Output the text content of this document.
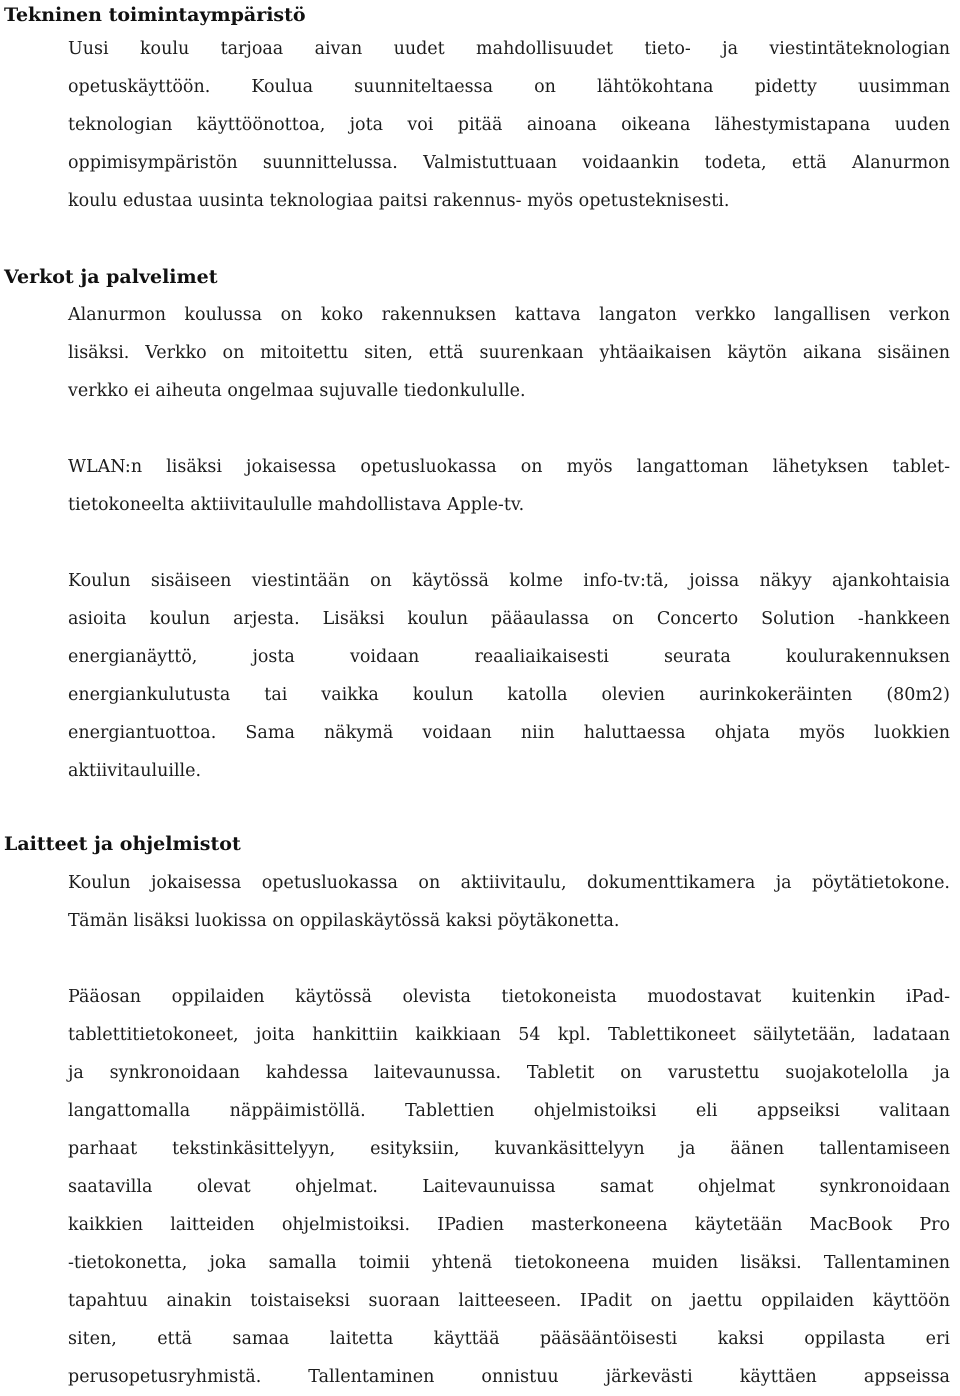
Tekninen toimintaympäristö

Uusi koulu tarjoaa aivan uudet mahdollisuudet tieto- ja viestintäteknologian
opetuskäyttöön. Koulua suunniteltaessa on lähtökohtana pidetty uusimman
teknologian käyttöönottoa, jota voi pitää ainoana oikeana lähestymistapana uuden
oppimisympäristön suunnittelussa. Valmistuttuaan voidaankin todeta, että Alanurmon
koulu edustaa uusinta teknologiaa paitsi rakennus- myös opetusteknisesti.

Verkot ja palvelimet

Alanurmon koulussa on koko rakennuksen kattava langaton verkko langallisen verkon
lisäksi. Verkko on mitoitettu siten, että suurenkaan yhtäaikaisen käytön aikana sisäinen
verkko ei aiheuta ongelmaa sujuvalle tiedonkululle.

WLAN:n lisäksi jokaisessa opetusluokassa on myös langattoman lähetyksen tablet-
tietokoneelta aktiivitaululle mahdollistava Apple-tv.

Koulun sisäiseen viestintään on käytössä kolme info-tv:tä, joissa näkyy ajankohtaisia
asioita koulun arjesta. Lisäksi koulun pääaulassa on Concerto Solution -hankkeen
energianäyttö, josta voidaan reaaliaikaisesti seurata koulurakennuksen
energiankulutusta tai vaikka koulun katolla olevien aurinkokeräinten (80m2)
energiantuottoa. Sama näkymä voidaan niin haluttaessa ohjata myös luokkien
aktiivitauluille.

Laitteet ja ohjelmistot

Koulun jokaisessa opetusluokassa on aktiivitaulu, dokumenttikamera ja pöytätietokone.
Tämän lisäksi luokissa on oppilaskäytössä kaksi pöytäkonetta.

Pääosan oppilaiden käytössä olevista tietokoneista muodostavat kuitenkin iPad-
tablettitietokoneet, joita hankittiin kaikkiaan 54 kpl. Tablettikoneet säilytetään, ladataan
ja synkronoidaan kahdessa laitevaunussa. Tabletit on varustettu suojakotelolla ja
langattomalla näppäimistöllä. Tablettien ohjelmistoiksi eli appseiksi valitaan
parhaat tekstinkäsittelyyn, esityksiin, kuvankäsittelyyn ja äänen tallentamiseen
saatavilla olevat ohjelmat. Laitevaunuissa samat ohjelmat synkronoidaan
kaikkien laitteiden ohjelmistoiksi. IPadien masterkoneena käytetään MacBook Pro
-tietokonetta, joka samalla toimii yhtenä tietokoneena muiden lisäksi. Tallentaminen
tapahtuu ainakin toistaiseksi suoraan laitteeseen. IPadit on jaettu oppilaiden käyttöön
siten, että samaa laitetta käyttää pääsääntöisesti kaksi oppilasta eri
perusopetusryhmistä. Tallentaminen onnistuu järkevästi käyttäen appseissa
